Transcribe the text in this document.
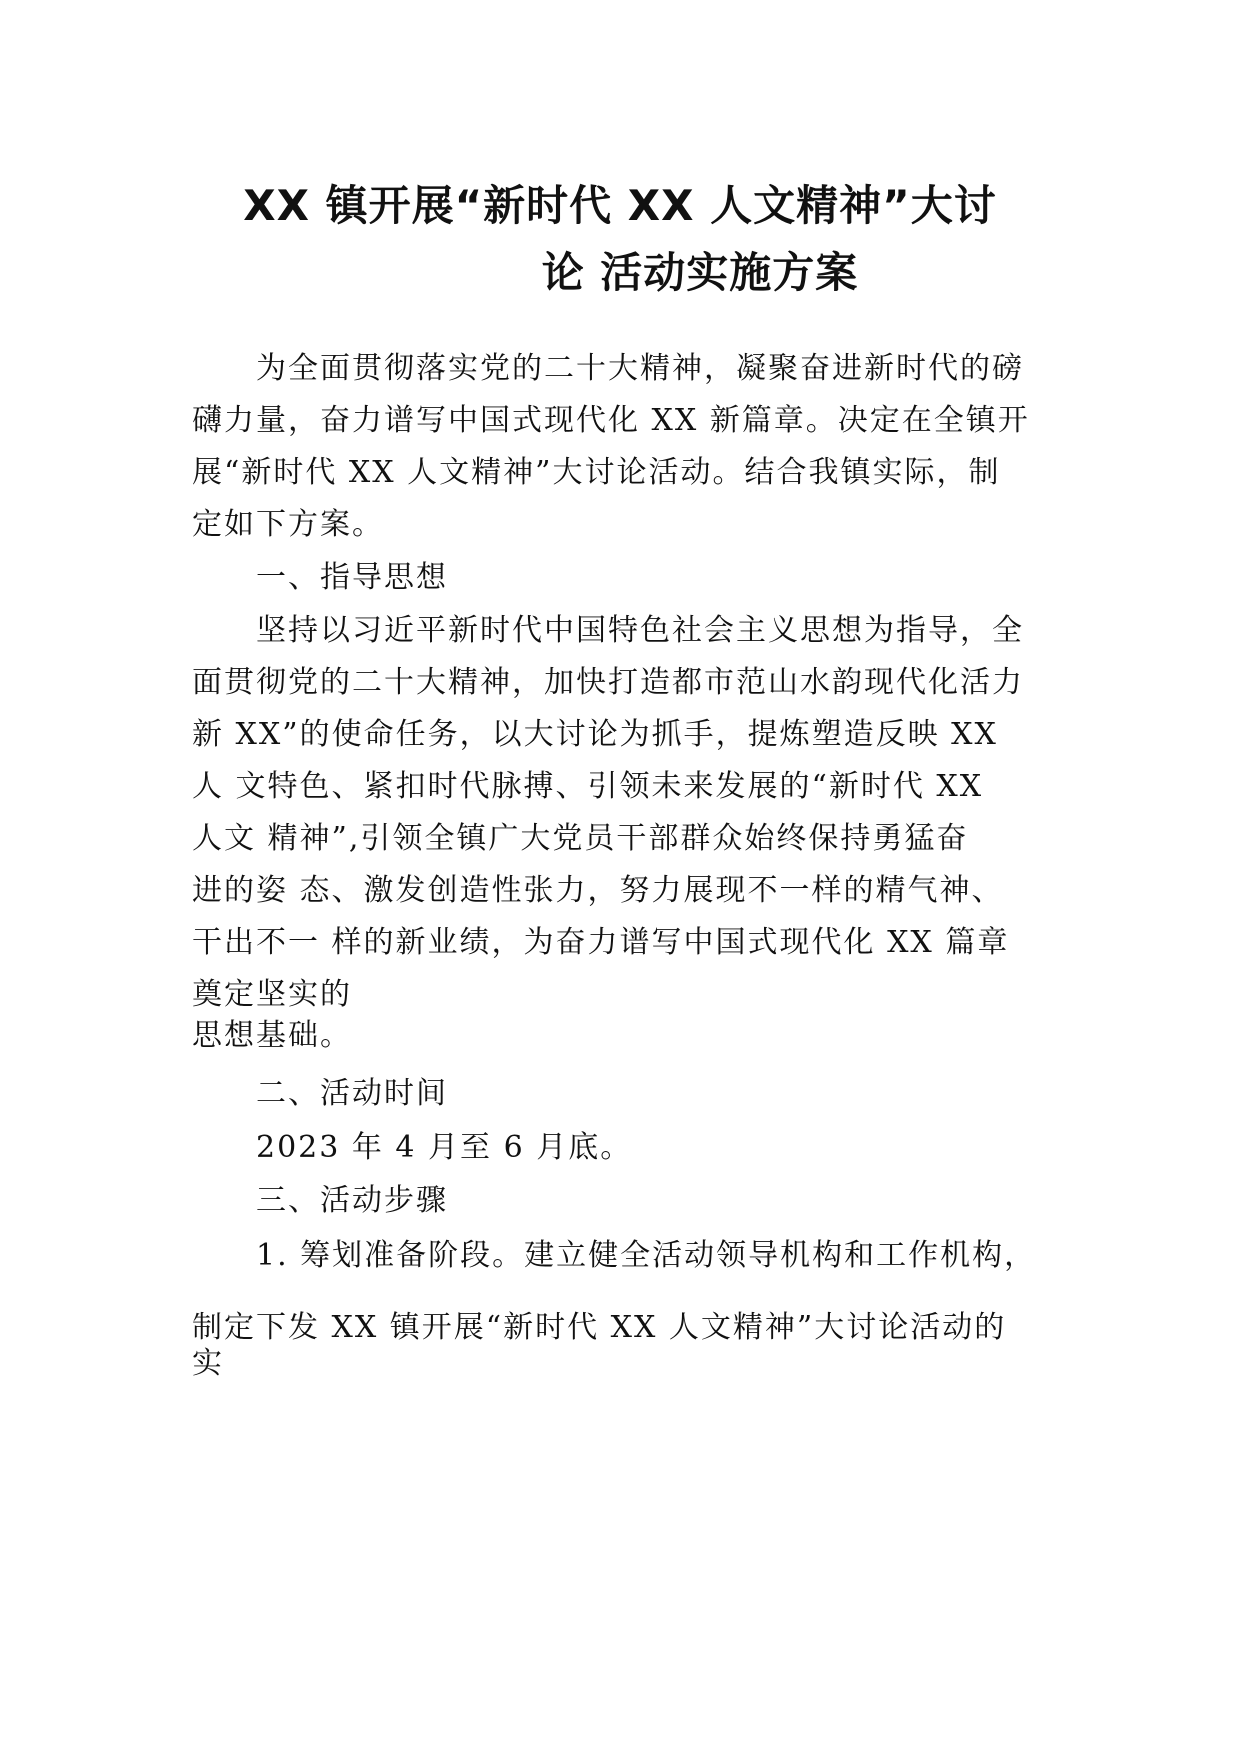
XX 镇开展“新时代 XX 人文精神”大讨
论 活动实施方案
为全面贯彻落实党的二十大精神，凝聚奋进新时代的磅
礴力量，奋力谱写中国式现代化 XX 新篇章。决定在全镇开
展“新时代 XX 人文精神”大讨论活动。结合我镇实际，制
定如下方案。
一、指导思想
坚持以习近平新时代中国特色社会主义思想为指导，全
面贯彻党的二十大精神，加快打造都市范山水韵现代化活力
新 XX”的使命任务，以大讨论为抓手，提炼塑造反映 XX
人 文特色、紧扣时代脉搏、引领未来发展的“新时代 XX
人文 精神”,引领全镇广大党员干部群众始终保持勇猛奋
进的姿 态、激发创造性张力，努力展现不一样的精气神、
干出不一 样的新业绩，为奋力谱写中国式现代化 XX 篇章
奠定坚实的
思想基础。
二、活动时间
2023 年 4 月至 6 月底。
三、活动步骤
1. 筹划准备阶段。建立健全活动领导机构和工作机构，
制定下发 XX 镇开展“新时代 XX 人文精神”大讨论活动的
实
